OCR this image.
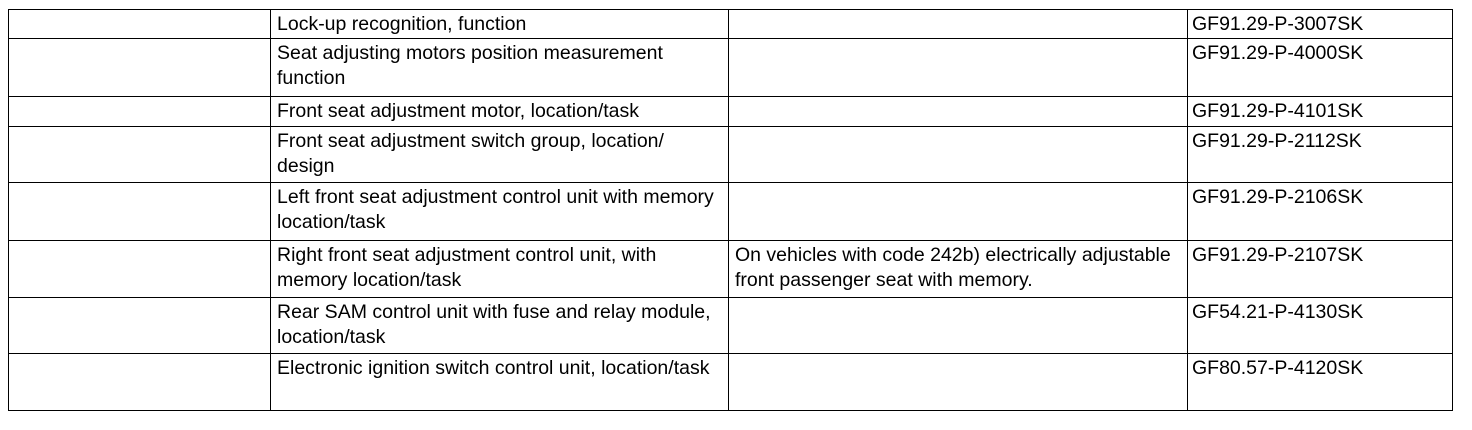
	Lock-up recognition, function		GF91.29-P-3007SK
	Seat adjusting motors position measurement function		GF91.29-P-4000SK
	Front seat adjustment motor, location/task		GF91.29-P-4101SK
	Front seat adjustment switch group, location/ design		GF91.29-P-2112SK
	Left front seat adjustment control unit with memory location/task		GF91.29-P-2106SK
	Right front seat adjustment control unit, with memory location/task	On vehicles with code 242b) electrically adjustable front passenger seat with memory.	GF91.29-P-2107SK
	Rear SAM control unit with fuse and relay module, location/task		GF54.21-P-4130SK
	Electronic ignition switch control unit, location/task		GF80.57-P-4120SK
